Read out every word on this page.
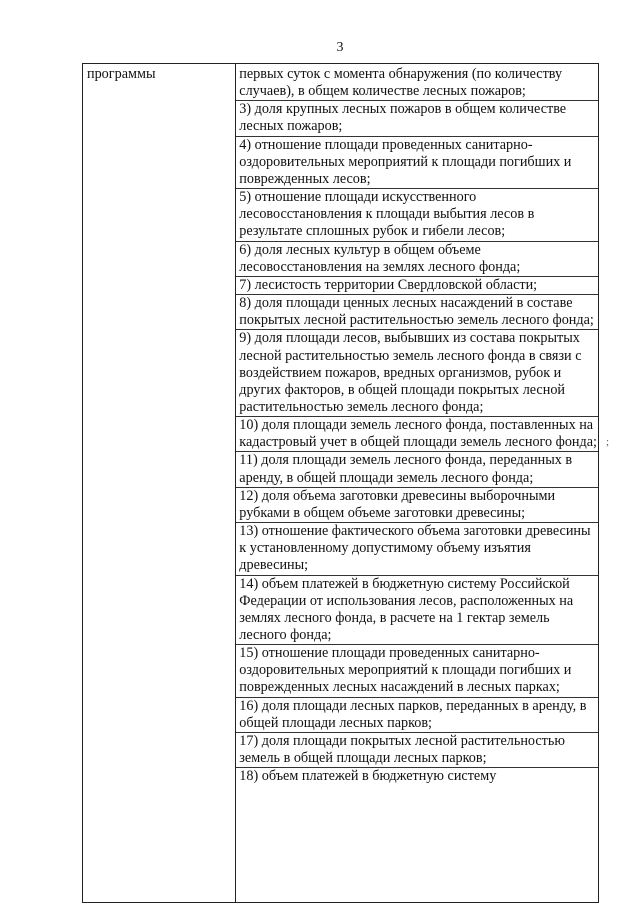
3
программы	первых суток с момента обнаружения (по количеству случаев), в общем количестве лесных пожаров;
3) доля крупных лесных пожаров в общем количестве лесных пожаров;
4) отношение площади проведенных санитарно-оздоровительных мероприятий к площади погибших и поврежденных лесов;
5) отношение площади искусственного лесовосстановления к площади выбытия лесов в результате сплошных рубок и гибели лесов;
6) доля лесных культур в общем объеме лесовосстановления на землях лесного фонда;
7) лесистость территории Свердловской области;
8) доля площади ценных лесных насаждений в составе покрытых лесной растительностью земель лесного фонда;
9) доля площади лесов, выбывших из состава покрытых лесной растительностью земель лесного фонда в связи с воздействием пожаров, вредных организмов, рубок и других факторов, в общей площади покрытых лесной растительностью земель лесного фонда;
10) доля площади земель лесного фонда, поставленных на кадастровый учет в общей площади земель лесного фонда;
11) доля площади земель лесного фонда, переданных в аренду, в общей площади земель лесного фонда;
12) доля объема заготовки древесины выборочными рубками в общем объеме заготовки древесины;
13) отношение фактического объема заготовки древесины к установленному допустимому объему изъятия древесины;
14) объем платежей в бюджетную систему Российской Федерации от использования лесов, расположенных на землях лесного фонда, в расчете на 1 гектар земель лесного фонда;
15) отношение площади проведенных санитарно-оздоровительных мероприятий к площади погибших и поврежденных лесных насаждений в лесных парках;
16) доля площади лесных парков, переданных в аренду, в общей площади лесных парков;
17) доля площади покрытых лесной растительностью земель в общей площади лесных парков;
18) объем платежей в бюджетную систему
;
